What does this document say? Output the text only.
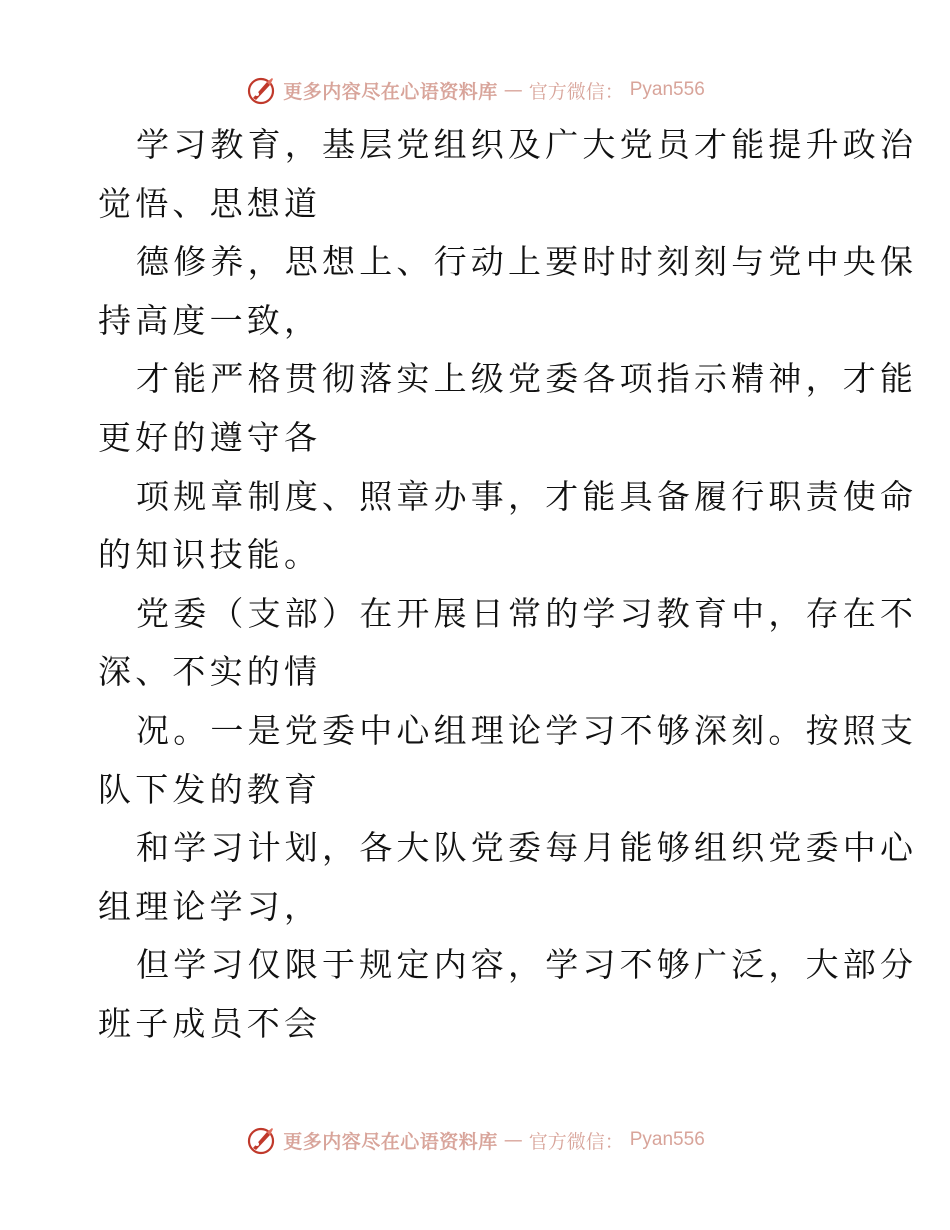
更多内容尽在心语资料库 — 官方微信： Pyan556
学习教育，基层党组织及广大党员才能提升政治
觉悟、思想道
德修养，思想上、行动上要时时刻刻与党中央保
持高度一致，
才能严格贯彻落实上级党委各项指示精神，才能
更好的遵守各
项规章制度、照章办事，才能具备履行职责使命
的知识技能。
党委（支部）在开展日常的学习教育中，存在不
深、不实的情
况。一是党委中心组理论学习不够深刻。按照支
队下发的教育
和学习计划，各大队党委每月能够组织党委中心
组理论学习，
但学习仅限于规定内容，学习不够广泛，大部分
班子成员不会
更多内容尽在心语资料库 — 官方微信： Pyan556
